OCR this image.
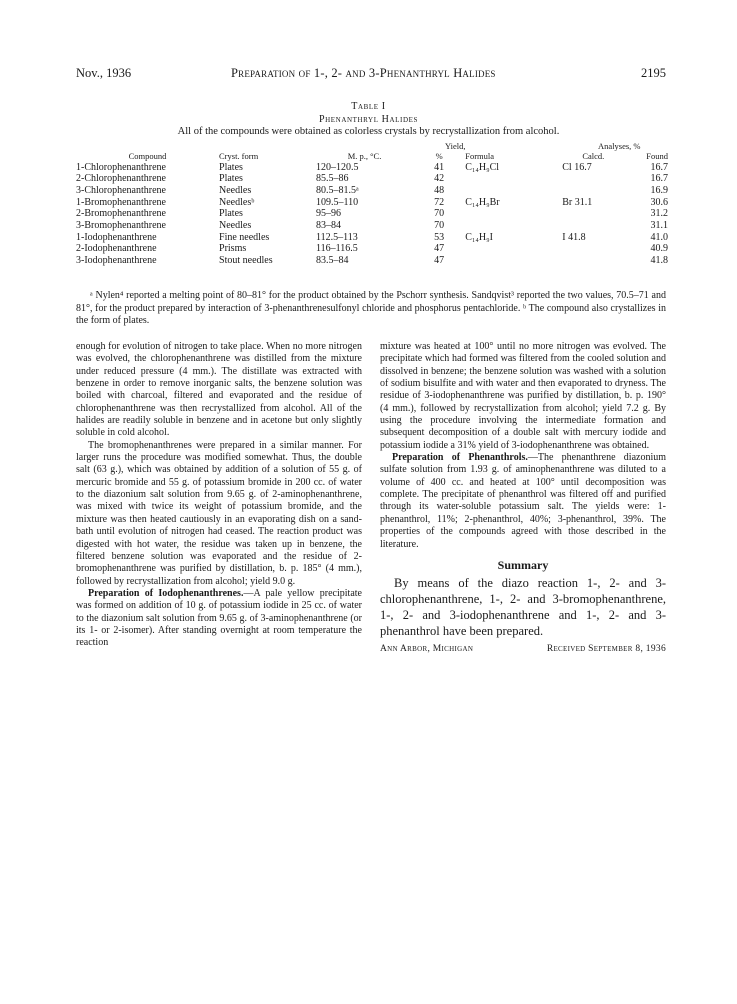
Nov., 1936	Preparation of 1-, 2- and 3-Phenanthryl Halides	2195
Table I
Phenanthryl Halides
All of the compounds were obtained as colorless crystals by recrystallization from alcohol.
Analyses, %
Yield,
Compound	Cryst. form	M. p., °C.	%	Formula	Calcd.	Found
1-Chlorophenanthrene	Plates	120–120.5	41	C₁₄H₉Cl	Cl 16.7	16.7
2-Chlorophenanthrene	Plates	85.5–86	42			16.7
3-Chlorophenanthrene	Needles	80.5–81.5ᵃ	48			16.9
1-Bromophenanthrene	Needlesᵇ	109.5–110	72	C₁₄H₉Br	Br 31.1	30.6
2-Bromophenanthrene	Plates	95–96	70			31.2
3-Bromophenanthrene	Needles	83–84	70			31.1
1-Iodophenanthrene	Fine needles	112.5–113	53	C₁₄H₉I	I 41.8	41.0
2-Iodophenanthrene	Prisms	116–116.5	47			40.9
3-Iodophenanthrene	Stout needles	83.5–84	47			41.8
ᵃ Nylen⁴ reported a melting point of 80–81° for the product obtained by the Pschorr synthesis. Sandqvist³ reported the two values, 70.5–71 and 81°, for the product prepared by interaction of 3-phenanthrenesulfonyl chloride and phosphorus pentachloride. ᵇ The compound also crystallizes in the form of plates.

enough for evolution of nitrogen to take place. When no more nitrogen was evolved, the chlorophenanthrene was distilled from the mixture under reduced pressure (4 mm.). The distillate was extracted with benzene in order to remove inorganic salts, the benzene solution was boiled with charcoal, filtered and evaporated and the residue of chlorophenanthrene was then recrystallized from alcohol. All of the halides are readily soluble in benzene and in acetone but only slightly soluble in cold alcohol.

The bromophenanthrenes were prepared in a similar manner. For larger runs the procedure was modified somewhat. Thus, the double salt (63 g.), which was obtained by addition of a solution of 55 g. of mercuric bromide and 55 g. of potassium bromide in 200 cc. of water to the diazonium salt solution from 9.65 g. of 2-aminophenanthrene, was mixed with twice its weight of potassium bromide, and the mixture was then heated cautiously in an evaporating dish on a sand-bath until evolution of nitrogen had ceased. The reaction product was digested with hot water, the residue was taken up in benzene, the filtered benzene solution was evaporated and the residue of 2-bromophenanthrene was purified by distillation, b. p. 185° (4 mm.), followed by recrystallization from alcohol; yield 9.0 g.

Preparation of Iodophenanthrenes.—A pale yellow precipitate was formed on addition of 10 g. of potassium iodide in 25 cc. of water to the diazonium salt solution from 9.65 g. of 3-aminophenanthrene (or its 1- or 2-isomer). After standing overnight at room temperature the reaction

mixture was heated at 100° until no more nitrogen was evolved. The precipitate which had formed was filtered from the cooled solution and dissolved in benzene; the benzene solution was washed with a solution of sodium bisulfite and with water and then evaporated to dryness. The residue of 3-iodophenanthrene was purified by distillation, b. p. 190° (4 mm.), followed by recrystallization from alcohol; yield 7.2 g. By using the procedure involving the intermediate formation and subsequent decomposition of a double salt with mercury iodide and potassium iodide a 31% yield of 3-iodophenanthrene was obtained.

Preparation of Phenanthrols.—The phenanthrene diazonium sulfate solution from 1.93 g. of aminophenanthrene was diluted to a volume of 400 cc. and heated at 100° until decomposition was complete. The precipitate of phenanthrol was filtered off and purified through its water-soluble potassium salt. The yields were: 1-phenanthrol, 11%; 2-phenanthrol, 40%; 3-phenanthrol, 39%. The properties of the compounds agreed with those described in the literature.

Summary

By means of the diazo reaction 1-, 2- and 3-chlorophenanthrene, 1-, 2- and 3-bromophenanthrene, 1-, 2- and 3-iodophenanthrene and 1-, 2- and 3-phenanthrol have been prepared.

Ann Arbor, Michigan	Received September 8, 1936
